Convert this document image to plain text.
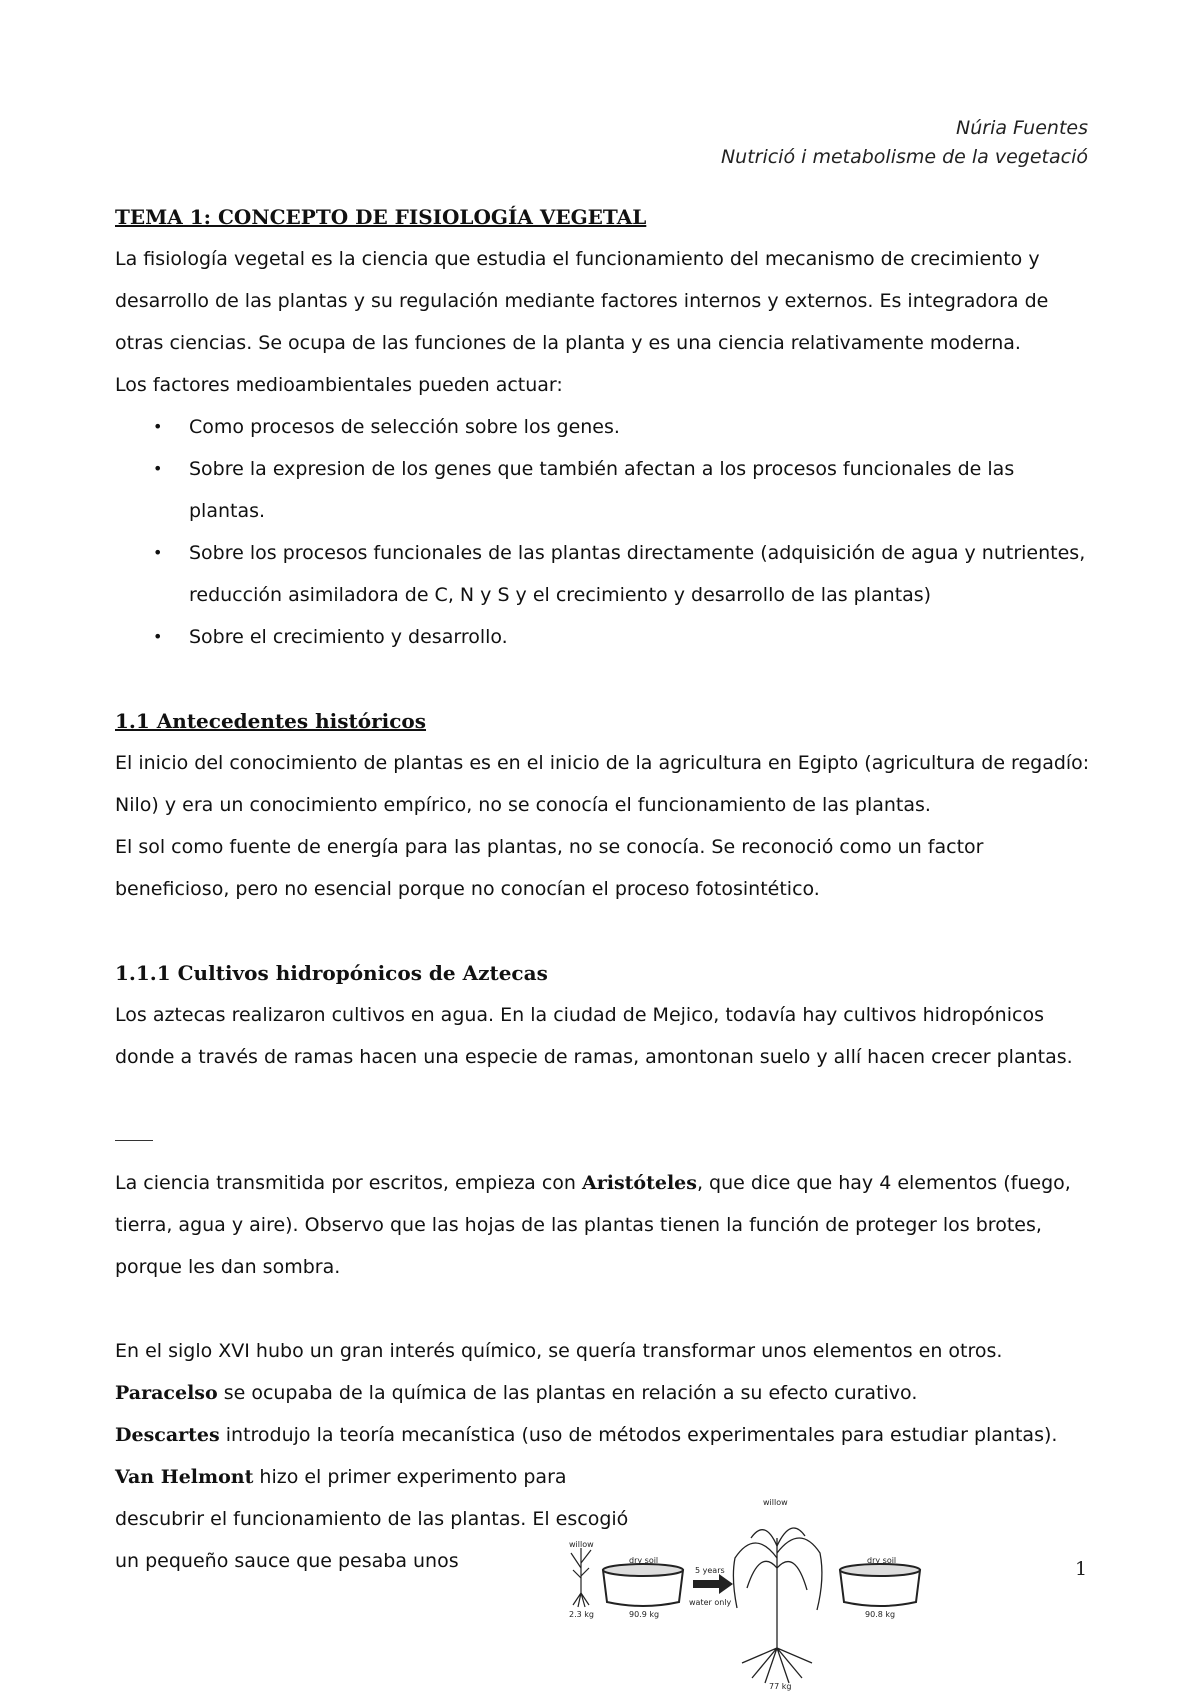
Núria Fuentes
Nutrició i metabolisme de la vegetació

TEMA 1: CONCEPTO DE FISIOLOGÍA VEGETAL

La fisiología vegetal es la ciencia que estudia el funcionamiento del mecanismo de crecimiento y desarrollo de las plantas y su regulación mediante factores internos y externos. Es integradora de otras ciencias. Se ocupa de las funciones de la planta y es una ciencia relativamente moderna.

Los factores medioambientales pueden actuar:

• Como procesos de selección sobre los genes.
• Sobre la expresion de los genes que también afectan a los procesos funcionales de las plantas.
• Sobre los procesos funcionales de las plantas directamente (adquisición de agua y nutrientes, reducción asimiladora de C, N y S y el crecimiento y desarrollo de las plantas)
• Sobre el crecimiento y desarrollo.

1.1 Antecedentes históricos

El inicio del conocimiento de plantas es en el inicio de la agricultura en Egipto (agricultura de regadío: Nilo) y era un conocimiento empírico, no se conocía el funcionamiento de las plantas.

El sol como fuente de energía para las plantas, no se conocía. Se reconoció como un factor beneficioso, pero no esencial porque no conocían el proceso fotosintético.

1.1.1 Cultivos hidropónicos de Aztecas

Los aztecas realizaron cultivos en agua. En la ciudad de Mejico, todavía hay cultivos hidropónicos donde a través de ramas hacen una especie de ramas, amontonan suelo y allí hacen crecer plantas.

La ciencia transmitida por escritos, empieza con Aristóteles, que dice que hay 4 elementos (fuego, tierra, agua y aire). Observo que las hojas de las plantas tienen la función de proteger los brotes, porque les dan sombra.

En el siglo XVI hubo un gran interés químico, se quería transformar unos elementos en otros.

Paracelso se ocupaba de la química de las plantas en relación a su efecto curativo.

Descartes introdujo la teoría mecanística (uso de métodos experimentales para estudiar plantas).

Van Helmont hizo el primer experimento para descubrir el funcionamiento de las plantas. El escogió un pequeño sauce que pesaba unos

willow
2.3 kg
dry soil
90.9 kg
5 years
water only
willow
77 kg
dry soil
90.8 kg
1
